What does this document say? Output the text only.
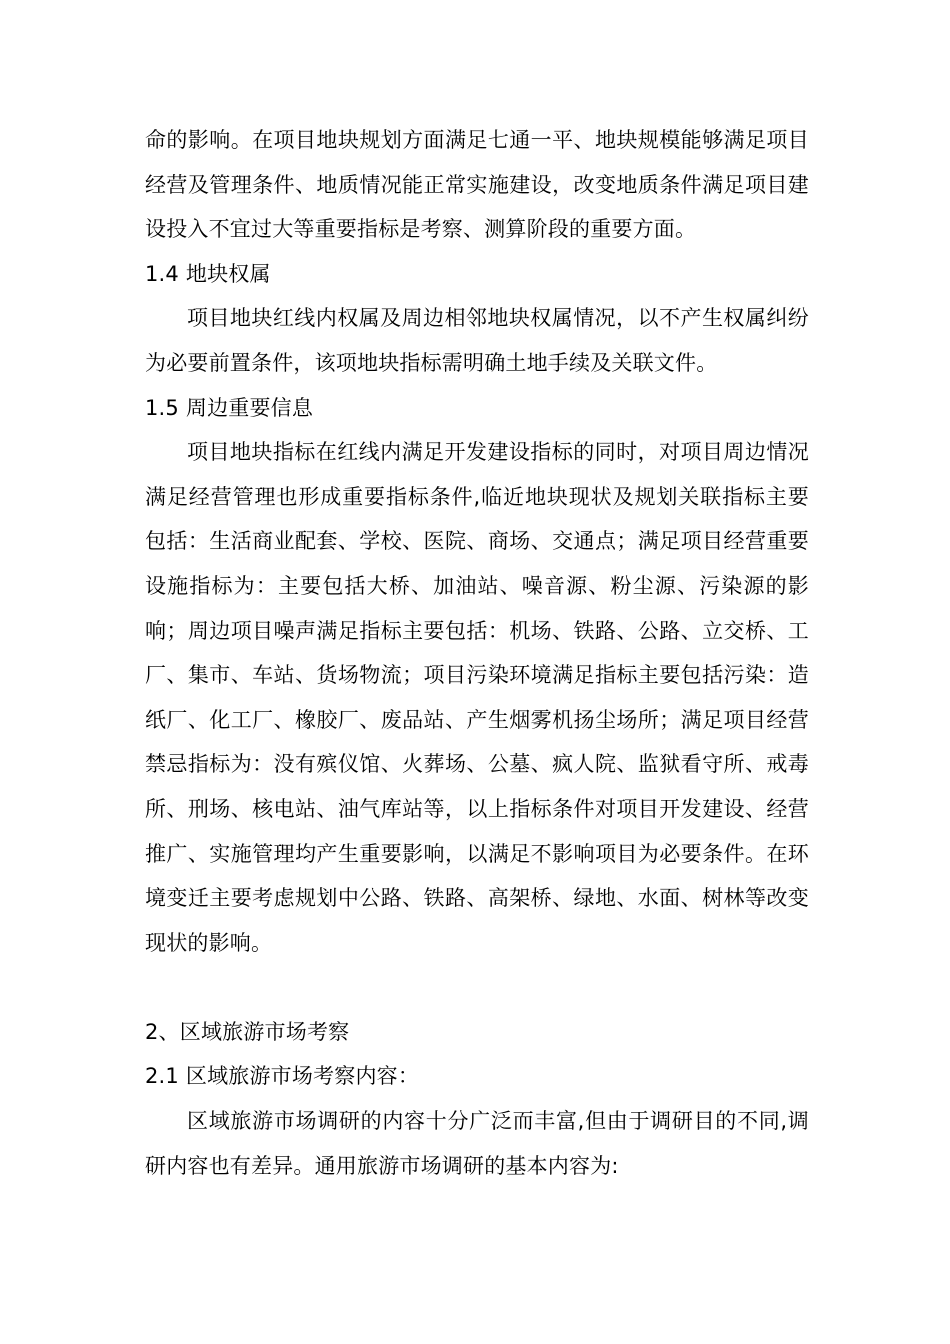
命的影响。在项目地块规划方面满足七通一平、地块规模能够满足项目经营及管理条件、地质情况能正常实施建设，改变地质条件满足项目建设投入不宜过大等重要指标是考察、测算阶段的重要方面。

1.4 地块权属

项目地块红线内权属及周边相邻地块权属情况，以不产生权属纠纷为必要前置条件，该项地块指标需明确土地手续及关联文件。

1.5 周边重要信息

项目地块指标在红线内满足开发建设指标的同时，对项目周边情况满足经营管理也形成重要指标条件,临近地块现状及规划关联指标主要包括：生活商业配套、学校、医院、商场、交通点；满足项目经营重要设施指标为：主要包括大桥、加油站、噪音源、粉尘源、污染源的影响；周边项目噪声满足指标主要包括：机场、铁路、公路、立交桥、工厂、集市、车站、货场物流；项目污染环境满足指标主要包括污染：造纸厂、化工厂、橡胶厂、废品站、产生烟雾机扬尘场所；满足项目经营禁忌指标为：没有殡仪馆、火葬场、公墓、疯人院、监狱看守所、戒毒所、刑场、核电站、油气库站等，以上指标条件对项目开发建设、经营推广、实施管理均产生重要影响，以满足不影响项目为必要条件。在环境变迁主要考虑规划中公路、铁路、高架桥、绿地、水面、树林等改变现状的影响。

2、区域旅游市场考察

2.1 区域旅游市场考察内容：

区域旅游市场调研的内容十分广泛而丰富,但由于调研目的不同,调研内容也有差异。通用旅游市场调研的基本内容为:
